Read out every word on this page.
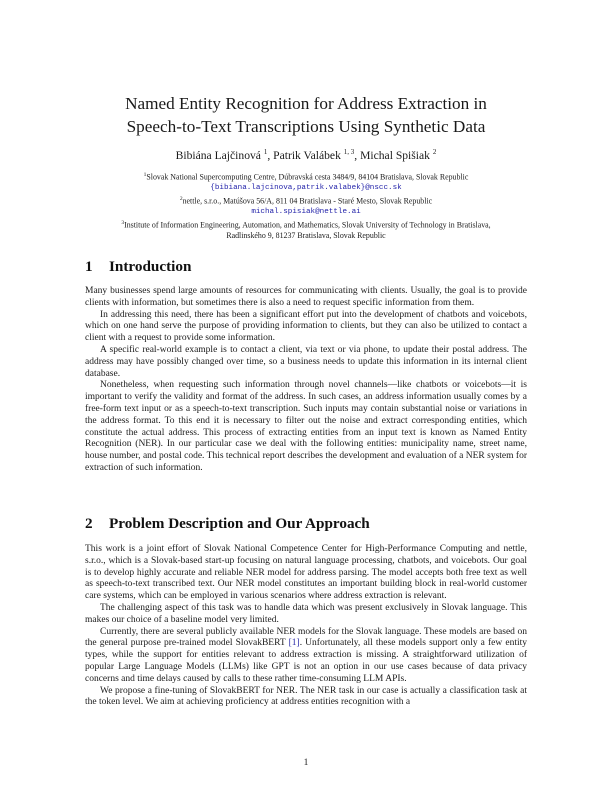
Named Entity Recognition for Address Extraction in
Speech-to-Text Transcriptions Using Synthetic Data
Bibiána Lajčinová $^1$, Patrik Valábek $^{1, 3}$, Michal Spišiak $^2$
$^1$Slovak National Supercomputing Centre, Dúbravská cesta 3484/9, 84104 Bratislava, Slovak Republic
{bibiana.lajcinova,patrik.valabek}@nscc.sk
$^2$nettle, s.r.o., Matúšova 56/A, 811 04 Bratislava - Staré Mesto, Slovak Republic
michal.spisiak@nettle.ai
$^3$Institute of Information Engineering, Automation, and Mathematics, Slovak University of Technology in Bratislava,
Radlinského 9, 81237 Bratislava, Slovak Republic
1 Introduction

Many businesses spend large amounts of resources for communicating with clients. Usually, the goal is to provide clients with information, but sometimes there is also a need to request specific information from them.

In addressing this need, there has been a significant effort put into the development of chatbots and voicebots, which on one hand serve the purpose of providing information to clients, but they can also be utilized to contact a client with a request to provide some information.

A specific real-world example is to contact a client, via text or via phone, to update their postal address. The address may have possibly changed over time, so a business needs to update this information in its internal client database.

Nonetheless, when requesting such information through novel channels—like chatbots or voicebots—it is important to verify the validity and format of the address. In such cases, an address information usually comes by a free-form text input or as a speech-to-text transcription. Such inputs may contain substantial noise or variations in the address format. To this end it is necessary to filter out the noise and extract corresponding entities, which constitute the actual address. This process of extracting entities from an input text is known as Named Entity Recognition (NER). In our particular case we deal with the following entities: municipality name, street name, house number, and postal code. This technical report describes the development and evaluation of a NER system for extraction of such information.

2 Problem Description and Our Approach

This work is a joint effort of Slovak National Competence Center for High-Performance Computing and nettle, s.r.o., which is a Slovak-based start-up focusing on natural language processing, chatbots, and voicebots. Our goal is to develop highly accurate and reliable NER model for address parsing. The model accepts both free text as well as speech-to-text transcribed text. Our NER model constitutes an important building block in real-world customer care systems, which can be employed in various scenarios where address extraction is relevant.

The challenging aspect of this task was to handle data which was present exclusively in Slovak language. This makes our choice of a baseline model very limited.

Currently, there are several publicly available NER models for the Slovak language. These models are based on the general purpose pre-trained model SlovakBERT [1]. Unfortunately, all these models support only a few entity types, while the support for entities relevant to address extraction is missing. A straightforward utilization of popular Large Language Models (LLMs) like GPT is not an option in our use cases because of data privacy concerns and time delays caused by calls to these rather time-consuming LLM APIs.

We propose a fine-tuning of SlovakBERT for NER. The NER task in our case is actually a classification task at the token level. We aim at achieving proficiency at address entities recognition with a

1
